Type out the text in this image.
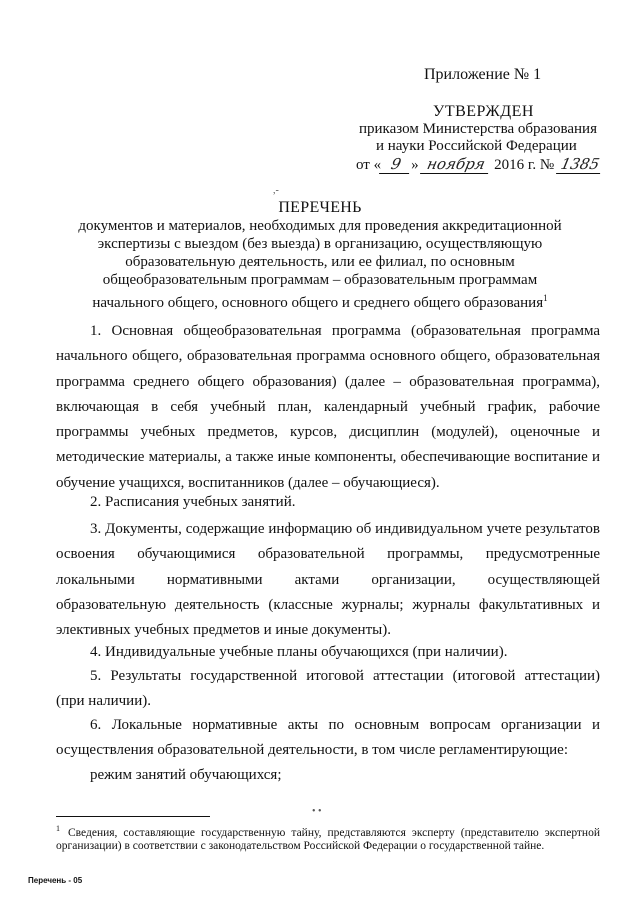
Приложение № 1
УТВЕРЖДЕН
приказом Министерства образования
и науки Российской Федерации
от « 9 » ноября 2016 г. № 1385
,-
ПЕРЕЧЕНЬ
документов и материалов, необходимых для проведения аккредитационной
экспертизы с выездом (без выезда) в организацию, осуществляющую
образовательную деятельность, или ее филиал, по основным
общеобразовательным программам – образовательным программам
начального общего, основного общего и среднего общего образования$^1$
1. Основная общеобразовательная программа (образовательная программа начального общего, образовательная программа основного общего, образовательная программа среднего общего образования) (далее – образовательная программа), включающая в себя учебный план, календарный учебный график, рабочие программы учебных предметов, курсов, дисциплин (модулей), оценочные и методические материалы, а также иные компоненты, обеспечивающие воспитание и обучение учащихся, воспитанников (далее – обучающиеся).
2. Расписания учебных занятий.
3. Документы, содержащие информацию об индивидуальном учете результатов освоения обучающимися образовательной программы, предусмотренные локальными нормативными актами организации, осуществляющей образовательную деятельность (классные журналы; журналы факультативных и элективных учебных предметов и иные документы).
4. Индивидуальные учебные планы обучающихся (при наличии).
5. Результаты государственной итоговой аттестации (итоговой аттестации) (при наличии).
6. Локальные нормативные акты по основным вопросам организации и осуществления образовательной деятельности, в том числе регламентирующие:
режим занятий обучающихся;
• •
$^1$ Сведения, составляющие государственную тайну, представляются эксперту (представителю экспертной организации) в соответствии с законодательством Российской Федерации о государственной тайне.
Перечень - 05
